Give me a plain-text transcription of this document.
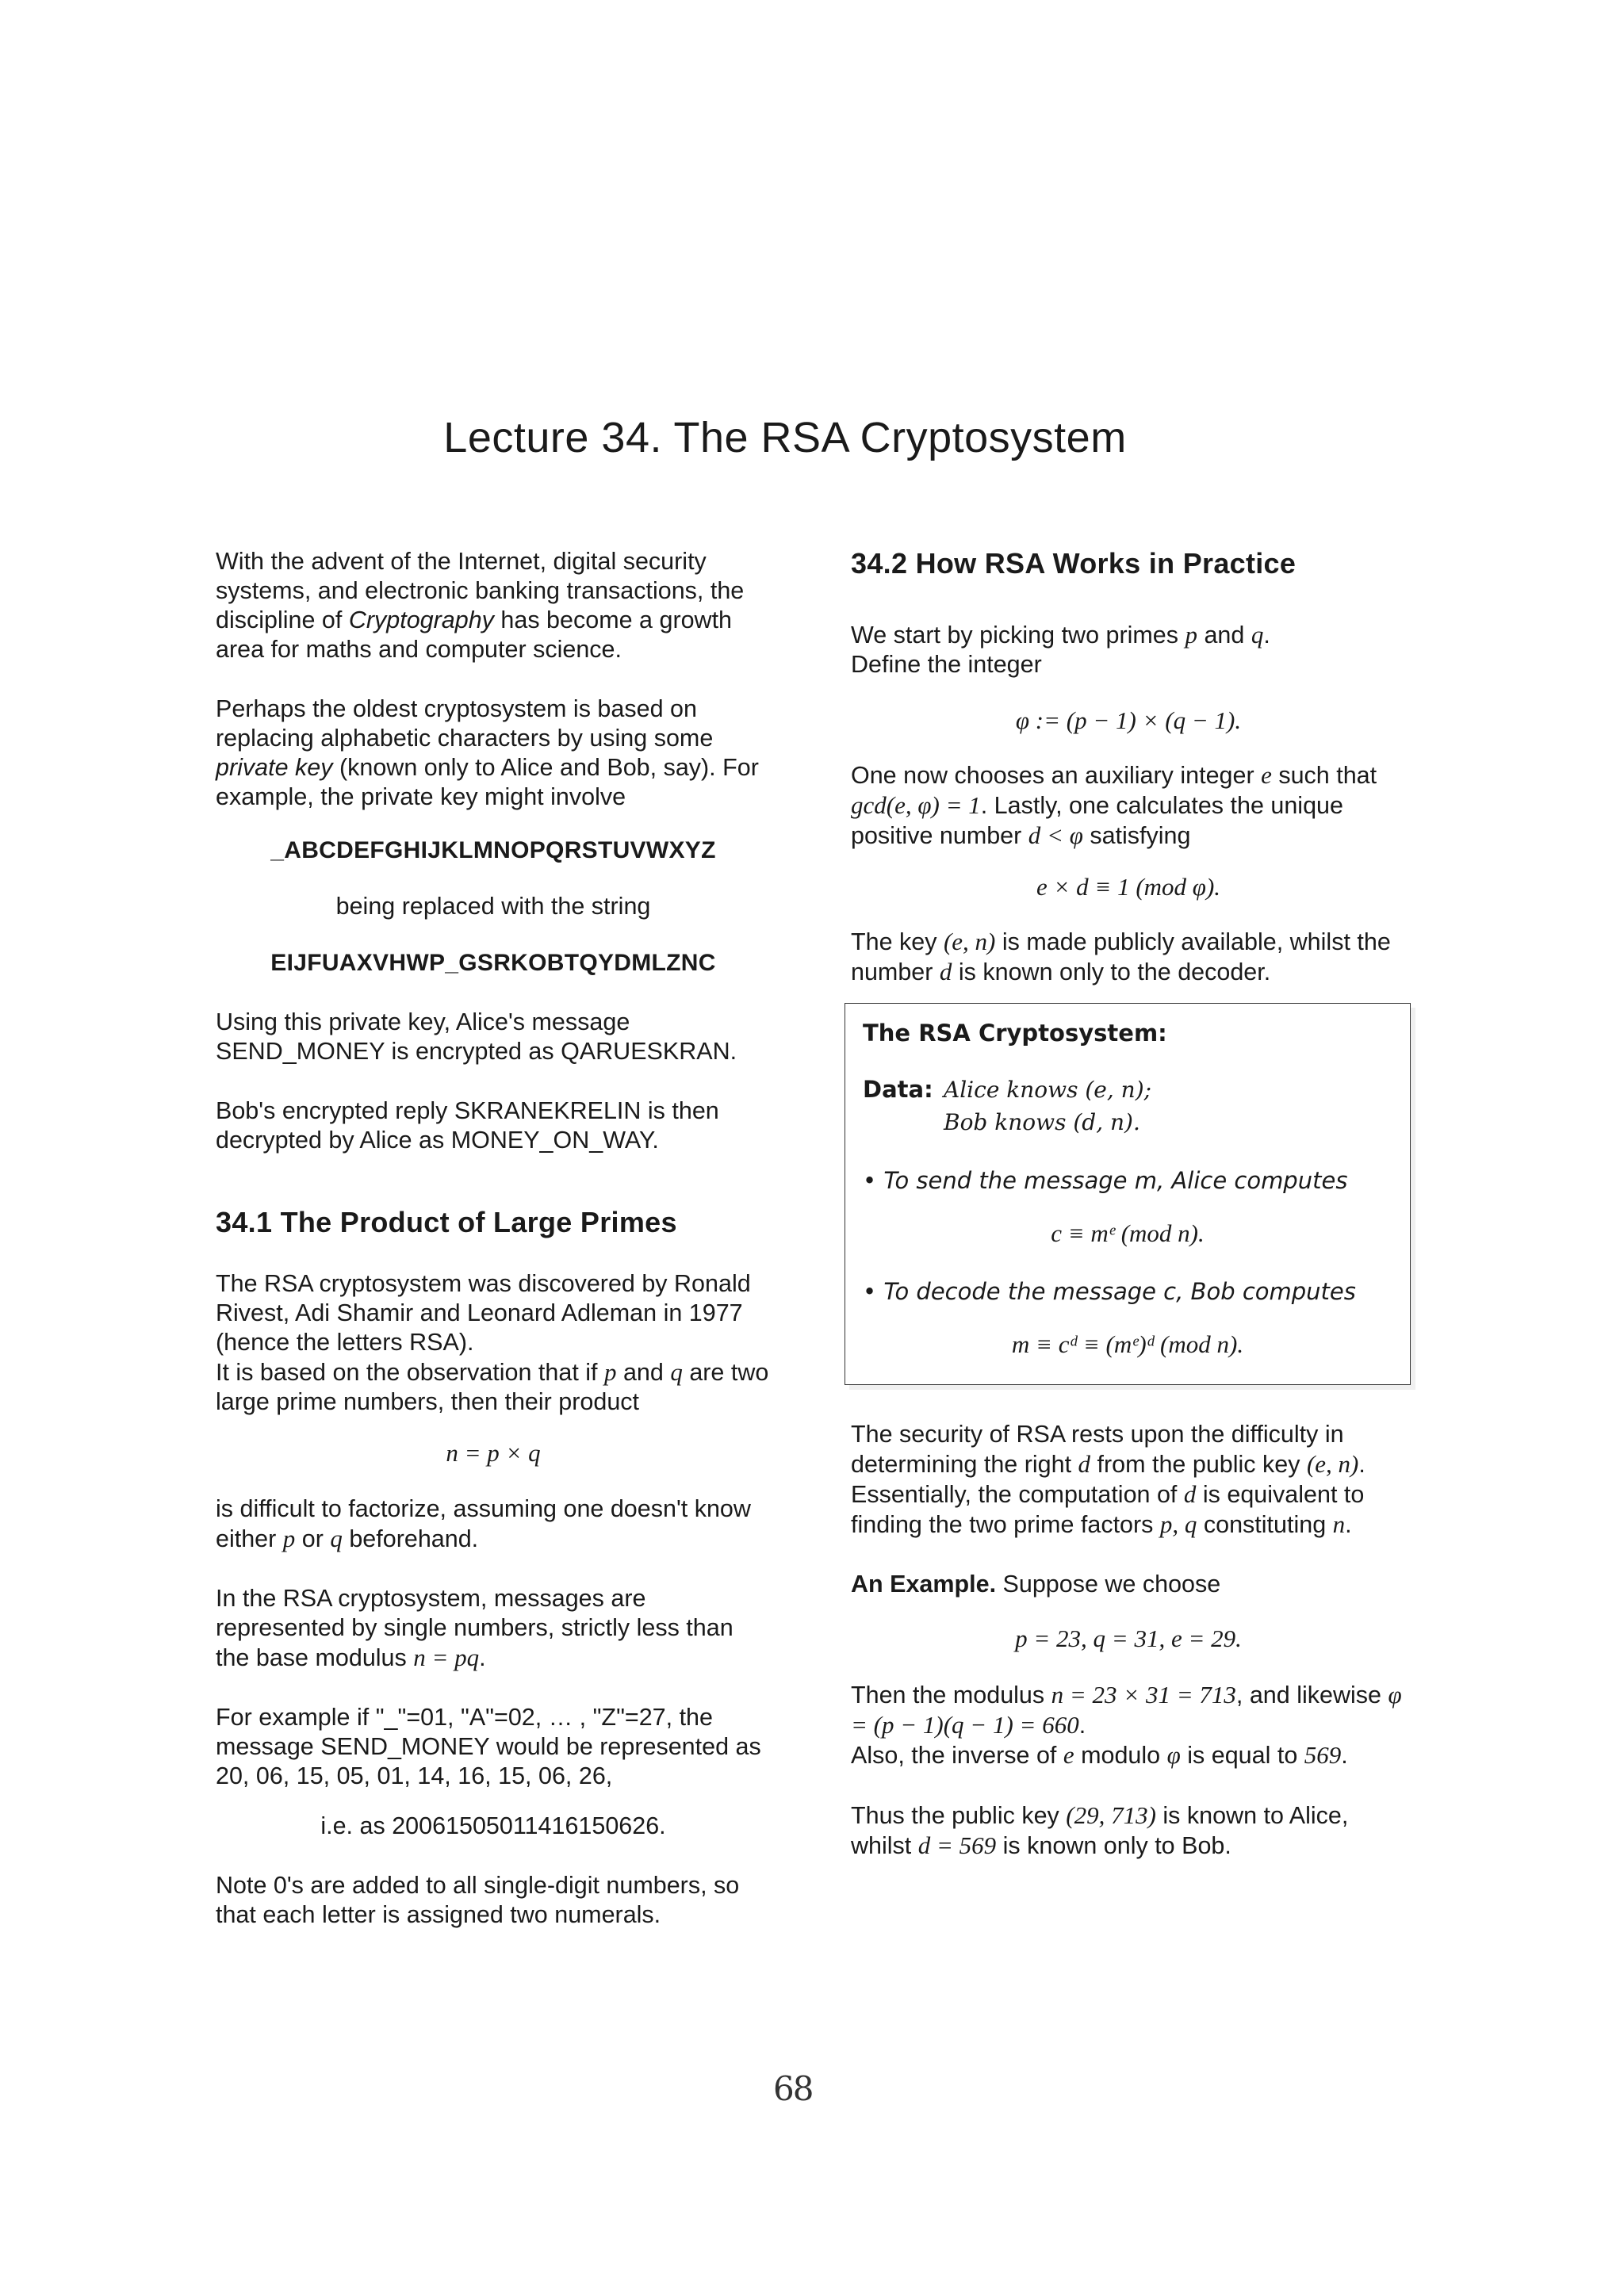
Lecture 34. The RSA Cryptosystem

With the advent of the Internet, digital security systems, and electronic banking transactions, the discipline of Cryptography has become a growth area for maths and computer science.

Perhaps the oldest cryptosystem is based on replacing alphabetic characters by using some private key (known only to Alice and Bob, say). For example, the private key might involve

_ABCDEFGHIJKLMNOPQRSTUVWXYZ

being replaced with the string

EIJFUAXVHWP_GSRKOBTQYDMLZNC

Using this private key, Alice's message SEND_MONEY is encrypted as QARUESKRAN.

Bob's encrypted reply SKRANEKRELIN is then decrypted by Alice as MONEY_ON_WAY.

34.1 The Product of Large Primes

The RSA cryptosystem was discovered by Ronald Rivest, Adi Shamir and Leonard Adleman in 1977 (hence the letters RSA).

It is based on the observation that if p and q are two large prime numbers, then their product

n = p × q

is difficult to factorize, assuming one doesn't know either p or q beforehand.

In the RSA cryptosystem, messages are represented by single numbers, strictly less than the base modulus n = pq.

For example if "_"=01, "A"=02, … , "Z"=27, the message SEND_MONEY would be represented as 20, 06, 15, 05, 01, 14, 16, 15, 06, 26,

i.e. as 20061505011416150626.

Note 0's are added to all single-digit numbers, so that each letter is assigned two numerals.

34.2 How RSA Works in Practice

We start by picking two primes p and q.

Define the integer

φ := (p − 1) × (q − 1).

One now chooses an auxiliary integer e such that gcd(e, φ) = 1. Lastly, one calculates the unique positive number d < φ satisfying

e × d ≡ 1 (mod φ).

The key (e, n) is made publicly available, whilst the number d is known only to the decoder.

The RSA Cryptosystem:
Data: Alice knows (e, n);
Bob knows (d, n).
• To send the message m, Alice computes
c ≡ mᵉ (mod n).
• To decode the message c, Bob computes
m ≡ cᵈ ≡ (mᵉ)ᵈ (mod n).

The security of RSA rests upon the difficulty in determining the right d from the public key (e, n). Essentially, the computation of d is equivalent to finding the two prime factors p, q constituting n.

An Example. Suppose we choose

p = 23, q = 31, e = 29.

Then the modulus n = 23 × 31 = 713, and likewise φ = (p − 1)(q − 1) = 660.
Also, the inverse of e modulo φ is equal to 569.

Thus the public key (29, 713) is known to Alice, whilst d = 569 is known only to Bob.

68
